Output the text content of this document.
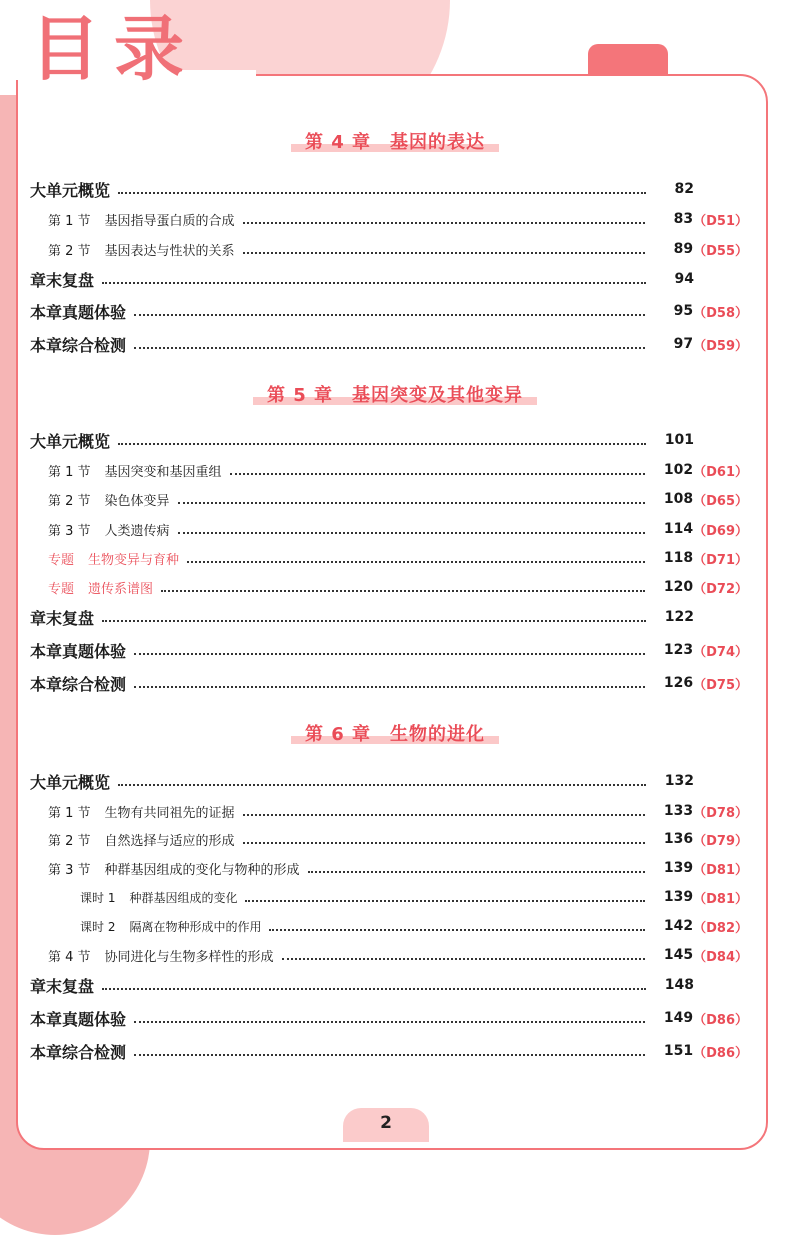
目录
第 4 章　基因的表达
大单元概览	82
第 1 节 基因指导蛋白质的合成	83 （D51）
第 2 节 基因表达与性状的关系	89 （D55）
章末复盘	94
本章真题体验	95 （D58）
本章综合检测	97 （D59）
第 5 章　基因突变及其他变异
大单元概览	101
第 1 节 基因突变和基因重组	102 （D61）
第 2 节 染色体变异	108 （D65）
第 3 节 人类遗传病	114 （D69）
专题 生物变异与育种	118 （D71）
专题 遗传系谱图	120 （D72）
章末复盘	122
本章真题体验	123 （D74）
本章综合检测	126 （D75）
第 6 章　生物的进化
大单元概览	132
第 1 节 生物有共同祖先的证据	133 （D78）
第 2 节 自然选择与适应的形成	136 （D79）
第 3 节 种群基因组成的变化与物种的形成	139 （D81）
课时 1 种群基因组成的变化	139 （D81）
课时 2 隔离在物种形成中的作用	142 （D82）
第 4 节 协同进化与生物多样性的形成	145 （D84）
章末复盘	148
本章真题体验	149 （D86）
本章综合检测	151 （D86）
2
